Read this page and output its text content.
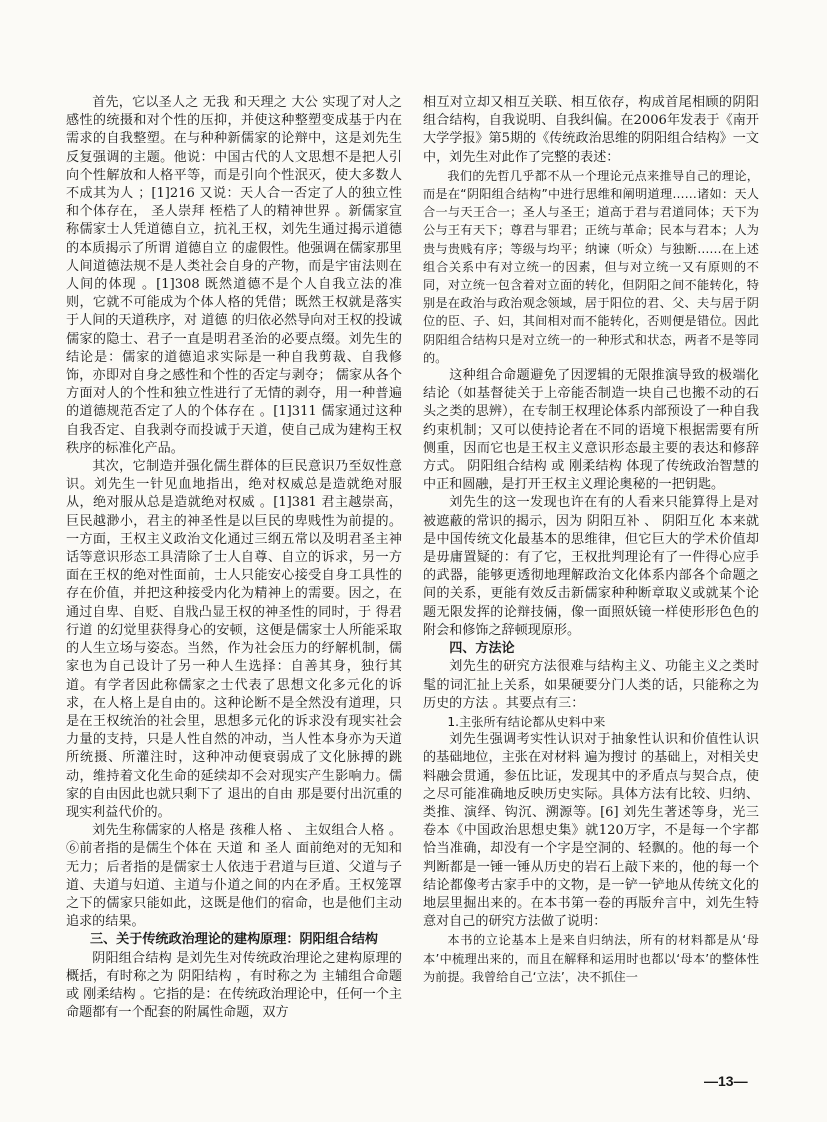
首先，它以圣人之 无我 和天理之 大公 实现了对人之感性的统摄和对个性的压抑，并使这种整塑变成基于内在需求的自我整塑。在与种种新儒家的论辩中，这是刘先生反复强调的主题。他说：中国古代的人文思想不是把人引向个性解放和人格平等，而是引向个性泯灭，使大多数人不成其为人 ；[1]216 又说：天人合一否定了人的独立性和个体存在， 圣人崇拜 桎梏了人的精神世界 。新儒家宣称儒家士人凭道德自立，抗礼王权，刘先生通过揭示道德的本质揭示了所谓 道德自立 的虚假性。他强调在儒家那里 人间道德法规不是人类社会自身的产物，而是宇宙法则在人间的体现 。[1]308 既然道德不是个人自我立法的准则，它就不可能成为个体人格的凭借；既然王权就是落实于人间的天道秩序，对 道德 的归依必然导向对王权的投诚 儒家的隐士、君子一直是明君圣治的必要点缀。刘先生的结论是：儒家的道德追求实际是一种自我剪裁、自我修饰，亦即对自身之感性和个性的否定与剥夺； 儒家从各个方面对人的个性和独立性进行了无情的剥夺，用一种普遍的道德规范否定了人的个体存在 。[1]311 儒家通过这种自我否定、自我剥夺而投诚于天道，使自己成为建构王权秩序的标准化产品。

其次，它制造并强化儒生群体的巨民意识乃至奴性意识。刘先生一针见血地指出，绝对权威总是造就绝对服从，绝对服从总是造就绝对权威 。[1]381 君主越崇高，巨民越渺小，君主的神圣性是以巨民的卑贱性为前提的。一方面，王权主义政治文化通过三纲五常以及明君圣主神话等意识形态工具清除了士人自尊、自立的诉求，另一方面在王权的绝对性面前，士人只能安心接受自身工具性的存在价值，并把这种接受内化为精神上的需要。因之，在通过自卑、自贬、自戕凸显王权的神圣性的同时，于 得君行道 的幻觉里获得身心的安顿，这便是儒家士人所能采取的人生立场与姿态。当然，作为社会压力的纾解机制，儒家也为自己设计了另一种人生选择：自善其身，独行其道。有学者因此称儒家之士代表了思想文化多元化的诉求，在人格上是自由的。这种论断不是全然没有道理，只是在王权统治的社会里，思想多元化的诉求没有现实社会力量的支持，只是人性自然的冲动，当人性本身亦为天道所统摄、所灌注时，这种冲动便衰弱成了文化脉搏的跳动，维持着文化生命的延续却不会对现实产生影响力。儒家的自由因此也就只剩下了 退出的自由 那是要付出沉重的现实利益代价的。

刘先生称儒家的人格是 孩稚人格 、 主奴组合人格 。⑥前者指的是儒生个体在 天道 和 圣人 面前绝对的无知和无力；后者指的是儒家士人依违于君道与巨道、父道与子道、夫道与妇道、主道与仆道之间的内在矛盾。王权笼罩之下的儒家只能如此，这既是他们的宿命，也是他们主动追求的结果。

三、关于传统政治理论的建构原理：阴阳组合结构

阴阳组合结构 是刘先生对传统政治理论之建构原理的概括，有时称之为 阴阳结构 ，有时称之为 主辅组合命题 或 刚柔结构 。它指的是：在传统政治理论中，任何一个主命题都有一个配套的附属性命题，双方

相互对立却又相互关联、相互依存，构成首尾相顾的阴阳组合结构，自我说明、自我纠偏。在2006年发表于《南开大学学报》第5期的《传统政治思维的阴阳组合结构》一文中，刘先生对此作了完整的表述：

我们的先哲几乎都不从一个理论元点来推导自己的理论，而是在“阴阳组合结构”中进行思维和阐明道理……诸如：天人合一与天王合一；圣人与圣王；道高于君与君道同体；天下为公与王有天下；尊君与罪君；正统与革命；民本与君本；人为贵与贵贱有序；等级与均平；纳谏（听众）与独断……在上述组合关系中有对立统一的因素，但与对立统一又有原则的不同，对立统一包含着对立面的转化，但阴阳之间不能转化，特别是在政治与政治观念领域，居于阳位的君、父、夫与居于阴位的臣、子、妇，其间相对而不能转化，否则便是错位。因此阴阳组合结构只是对立统一的一种形式和状态，两者不是等同的。

这种组合命题避免了因逻辑的无限推演导致的极端化结论（如基督徒关于上帝能否制造一块自己也搬不动的石头之类的思辨），在专制王权理论体系内部预设了一种自我约束机制；又可以使持论者在不同的语境下根据需要有所侧重，因而它也是王权主义意识形态最主要的表达和修辞方式。 阴阳组合结构 或 刚柔结构 体现了传统政治智慧的中正和圆融，是打开王权主义理论奥秘的一把钥匙。

刘先生的这一发现也许在有的人看来只能算得上是对被遮蔽的常识的揭示，因为 阴阳互补 、 阴阳互化 本来就是中国传统文化最基本的思维律，但它巨大的学术价值却是毋庸置疑的：有了它，王权批判理论有了一件得心应手的武器，能够更透彻地理解政治文化体系内部各个命题之间的关系，更能有效反击新儒家种种断章取义或就某个论题无限发挥的论辩技倆，像一面照妖镜一样使形形色色的附会和修饰之辞顿现原形。

四、方法论

刘先生的研究方法很难与结构主义、功能主义之类时髦的词汇扯上关系，如果硬要分门人类的话，只能称之为 历史的方法 。其要点有三：

1.主张所有结论都从史料中来

刘先生强调考实性认识对于抽象性认识和价值性认识的基础地位，主张在对材料 遍为搜讨 的基础上，对相关史料融会贯通，参伍比证，发现其中的矛盾点与契合点，使之尽可能准确地反映历史实际。具体方法有比较、归纳、类推、演绎、钩沉、溯源等。[6] 刘先生著述等身，光三卷本《中国政治思想史集》就120万字，不是每一个字都恰当准确，却没有一个字是空洞的、轻飘的。他的每一个判断都是一锤一锤从历史的岩石上敲下来的，他的每一个结论都像考古家手中的文物，是一铲一铲地从传统文化的地层里掘出来的。在本书第一卷的再版弁言中，刘先生特意对自己的研究方法做了说明：

本书的立论基本上是来自归纳法，所有的材料都是从‘母本’中梳理出来的，而且在解释和运用时也都以‘母本’的整体性为前提。我曾给自己‘立法’，决不抓住一

—13—
